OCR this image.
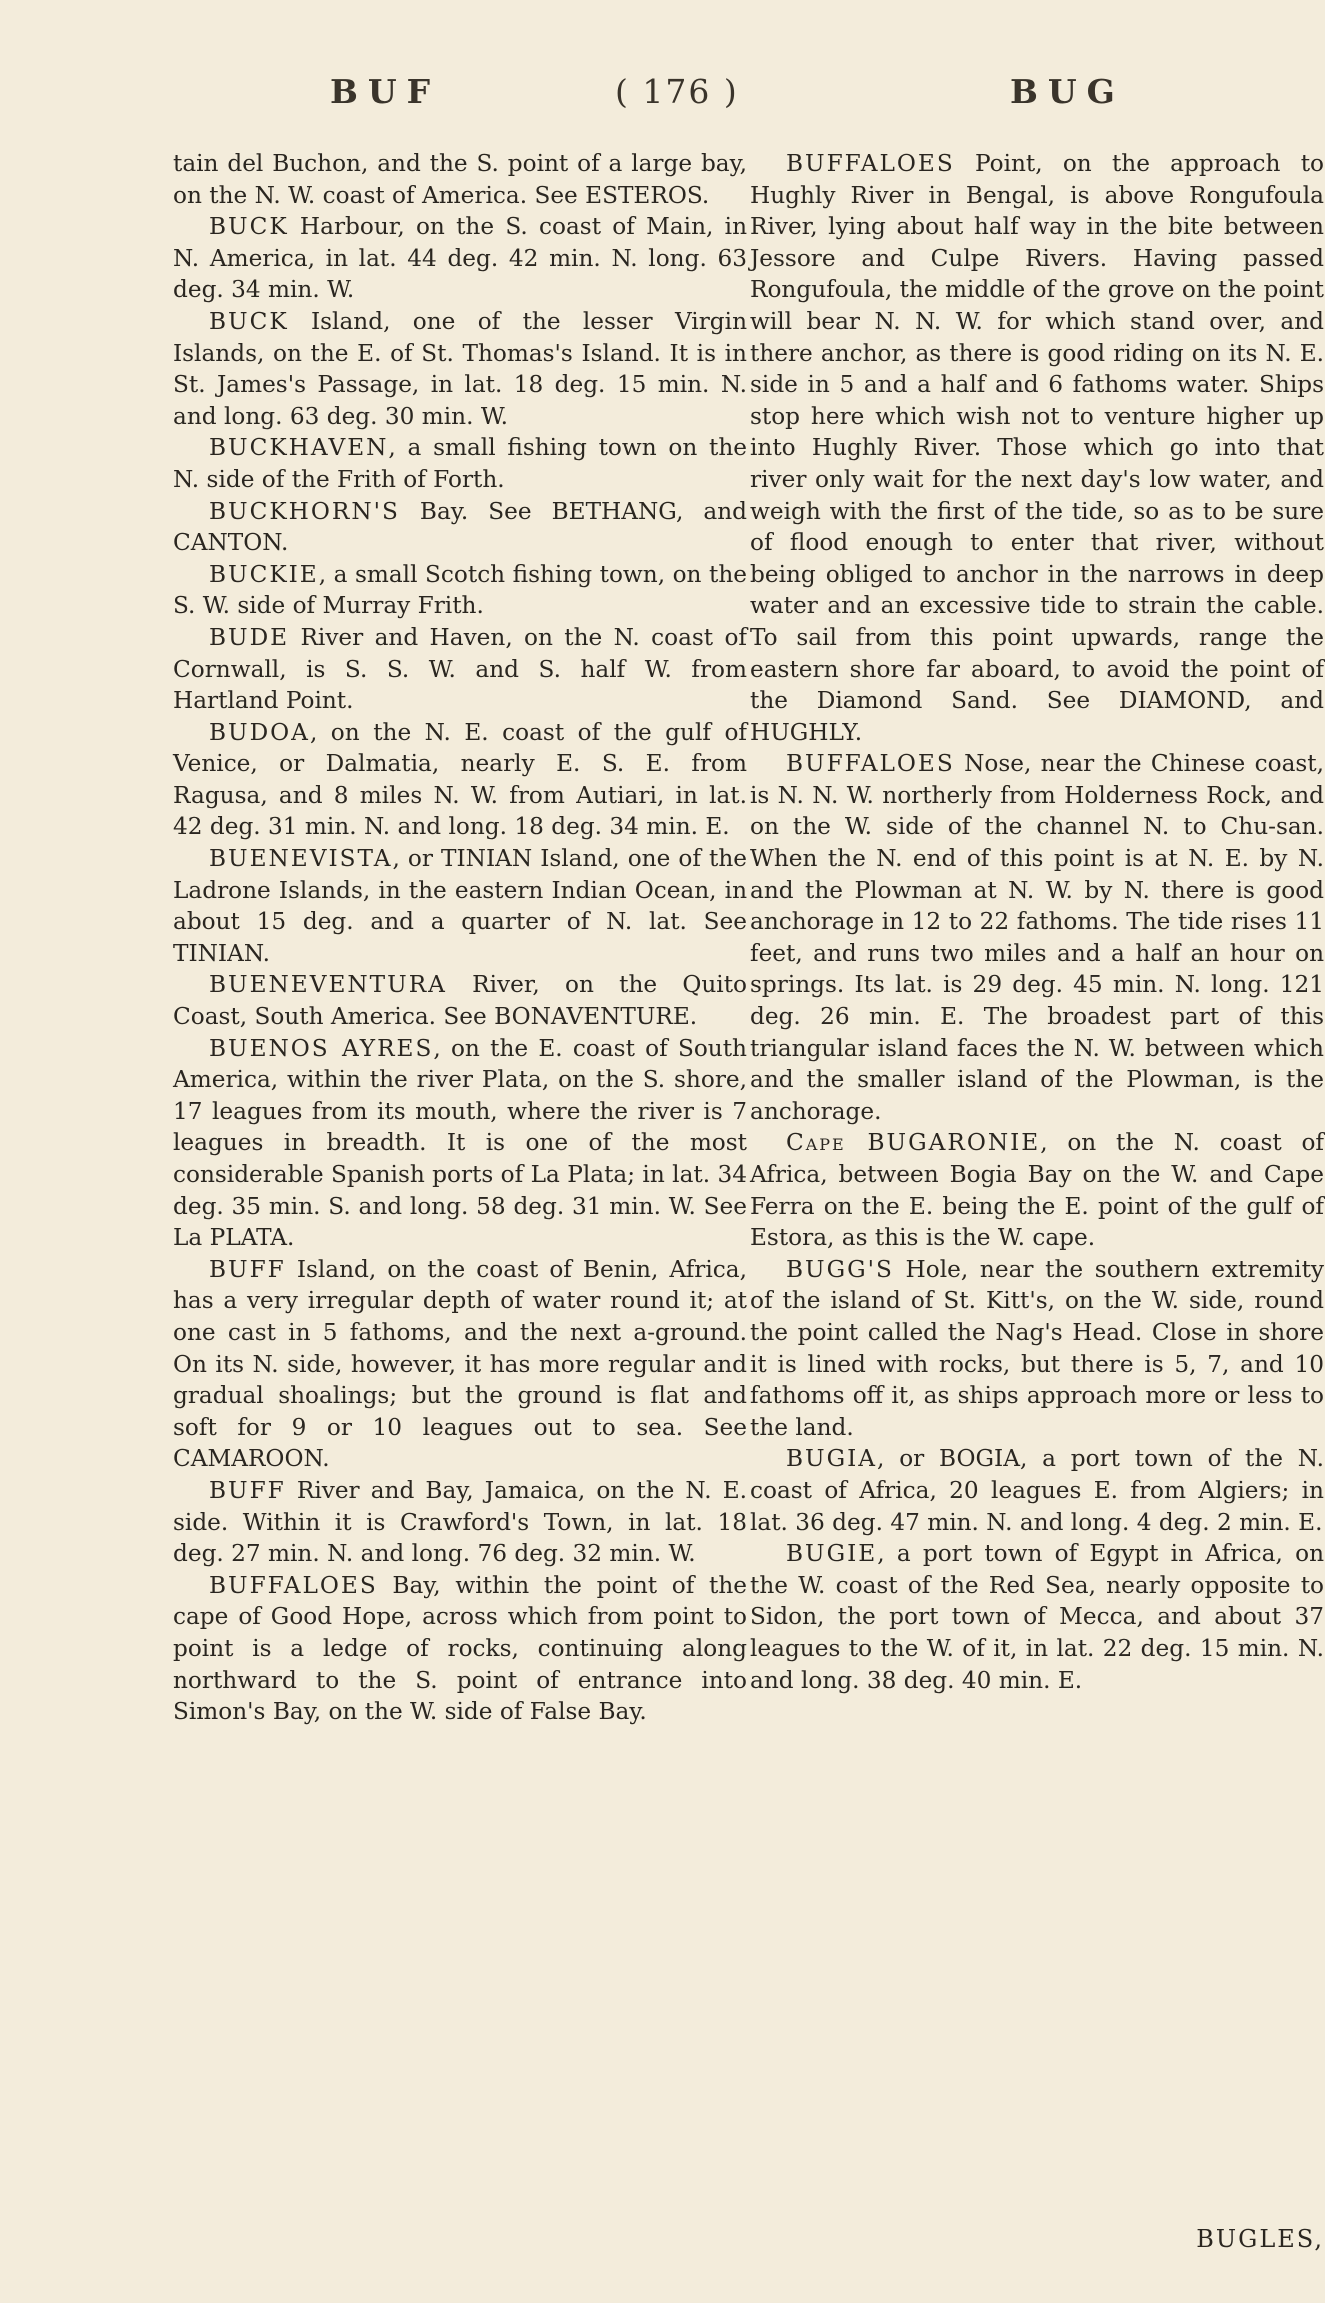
BUF	( 176 )	BUG

tain del Buchon, and the S. point of a large bay, on the N. W. coast of America. See ESTEROS.

BUCK Harbour, on the S. coast of Main, in N. America, in lat. 44 deg. 42 min. N. long. 63 deg. 34 min. W.

BUCK Island, one of the lesser Virgin Islands, on the E. of St. Thomas's Island. It is in St. James's Passage, in lat. 18 deg. 15 min. N. and long. 63 deg. 30 min. W.

BUCKHAVEN, a small fishing town on the N. side of the Frith of Forth.

BUCKHORN'S Bay. See BETHANG, and CANTON.

BUCKIE, a small Scotch fishing town, on the S. W. side of Murray Frith.

BUDE River and Haven, on the N. coast of Cornwall, is S. S. W. and S. half W. from Hartland Point.

BUDOA, on the N. E. coast of the gulf of Venice, or Dalmatia, nearly E. S. E. from Ragusa, and 8 miles N. W. from Autiari, in lat. 42 deg. 31 min. N. and long. 18 deg. 34 min. E.

BUENEVISTA, or TINIAN Island, one of the Ladrone Islands, in the eastern Indian Ocean, in about 15 deg. and a quarter of N. lat. See TINIAN.

BUENEVENTURA River, on the Quito Coast, South America. See BONAVENTURE.

BUENOS AYRES, on the E. coast of South America, within the river Plata, on the S. shore, 17 leagues from its mouth, where the river is 7 leagues in breadth. It is one of the most considerable Spanish ports of La Plata; in lat. 34 deg. 35 min. S. and long. 58 deg. 31 min. W. See La PLATA.

BUFF Island, on the coast of Benin, Africa, has a very irregular depth of water round it; at one cast in 5 fathoms, and the next a-ground. On its N. side, however, it has more regular and gradual shoalings; but the ground is flat and soft for 9 or 10 leagues out to sea. See CAMAROON.

BUFF River and Bay, Jamaica, on the N. E. side. Within it is Crawford's Town, in lat. 18 deg. 27 min. N. and long. 76 deg. 32 min. W.

BUFFALOES Bay, within the point of the cape of Good Hope, across which from point to point is a ledge of rocks, continuing along northward to the S. point of entrance into Simon's Bay, on the W. side of False Bay.

BUFFALOES Point, on the approach to Hughly River in Bengal, is above Rongufoula River, lying about half way in the bite between Jessore and Culpe Rivers. Having passed Rongufoula, the middle of the grove on the point will bear N. N. W. for which stand over, and there anchor, as there is good riding on its N. E. side in 5 and a half and 6 fathoms water. Ships stop here which wish not to venture higher up into Hughly River. Those which go into that river only wait for the next day's low water, and weigh with the first of the tide, so as to be sure of flood enough to enter that river, without being obliged to anchor in the narrows in deep water and an excessive tide to strain the cable. To sail from this point upwards, range the eastern shore far aboard, to avoid the point of the Diamond Sand. See DIAMOND, and HUGHLY.

BUFFALOES Nose, near the Chinese coast, is N. N. W. northerly from Holderness Rock, and on the W. side of the channel N. to Chu-san. When the N. end of this point is at N. E. by N. and the Plowman at N. W. by N. there is good anchorage in 12 to 22 fathoms. The tide rises 11 feet, and runs two miles and a half an hour on springs. Its lat. is 29 deg. 45 min. N. long. 121 deg. 26 min. E. The broadest part of this triangular island faces the N. W. between which and the smaller island of the Plowman, is the anchorage.

Cape BUGARONIE, on the N. coast of Africa, between Bogia Bay on the W. and Cape Ferra on the E. being the E. point of the gulf of Estora, as this is the W. cape.

BUGG'S Hole, near the southern extremity of the island of St. Kitt's, on the W. side, round the point called the Nag's Head. Close in shore it is lined with rocks, but there is 5, 7, and 10 fathoms off it, as ships approach more or less to the land.

BUGIA, or BOGIA, a port town of the N. coast of Africa, 20 leagues E. from Algiers; in lat. 36 deg. 47 min. N. and long. 4 deg. 2 min. E.

BUGIE, a port town of Egypt in Africa, on the W. coast of the Red Sea, nearly opposite to Sidon, the port town of Mecca, and about 37 leagues to the W. of it, in lat. 22 deg. 15 min. N. and long. 38 deg. 40 min. E.

BUGLES,
